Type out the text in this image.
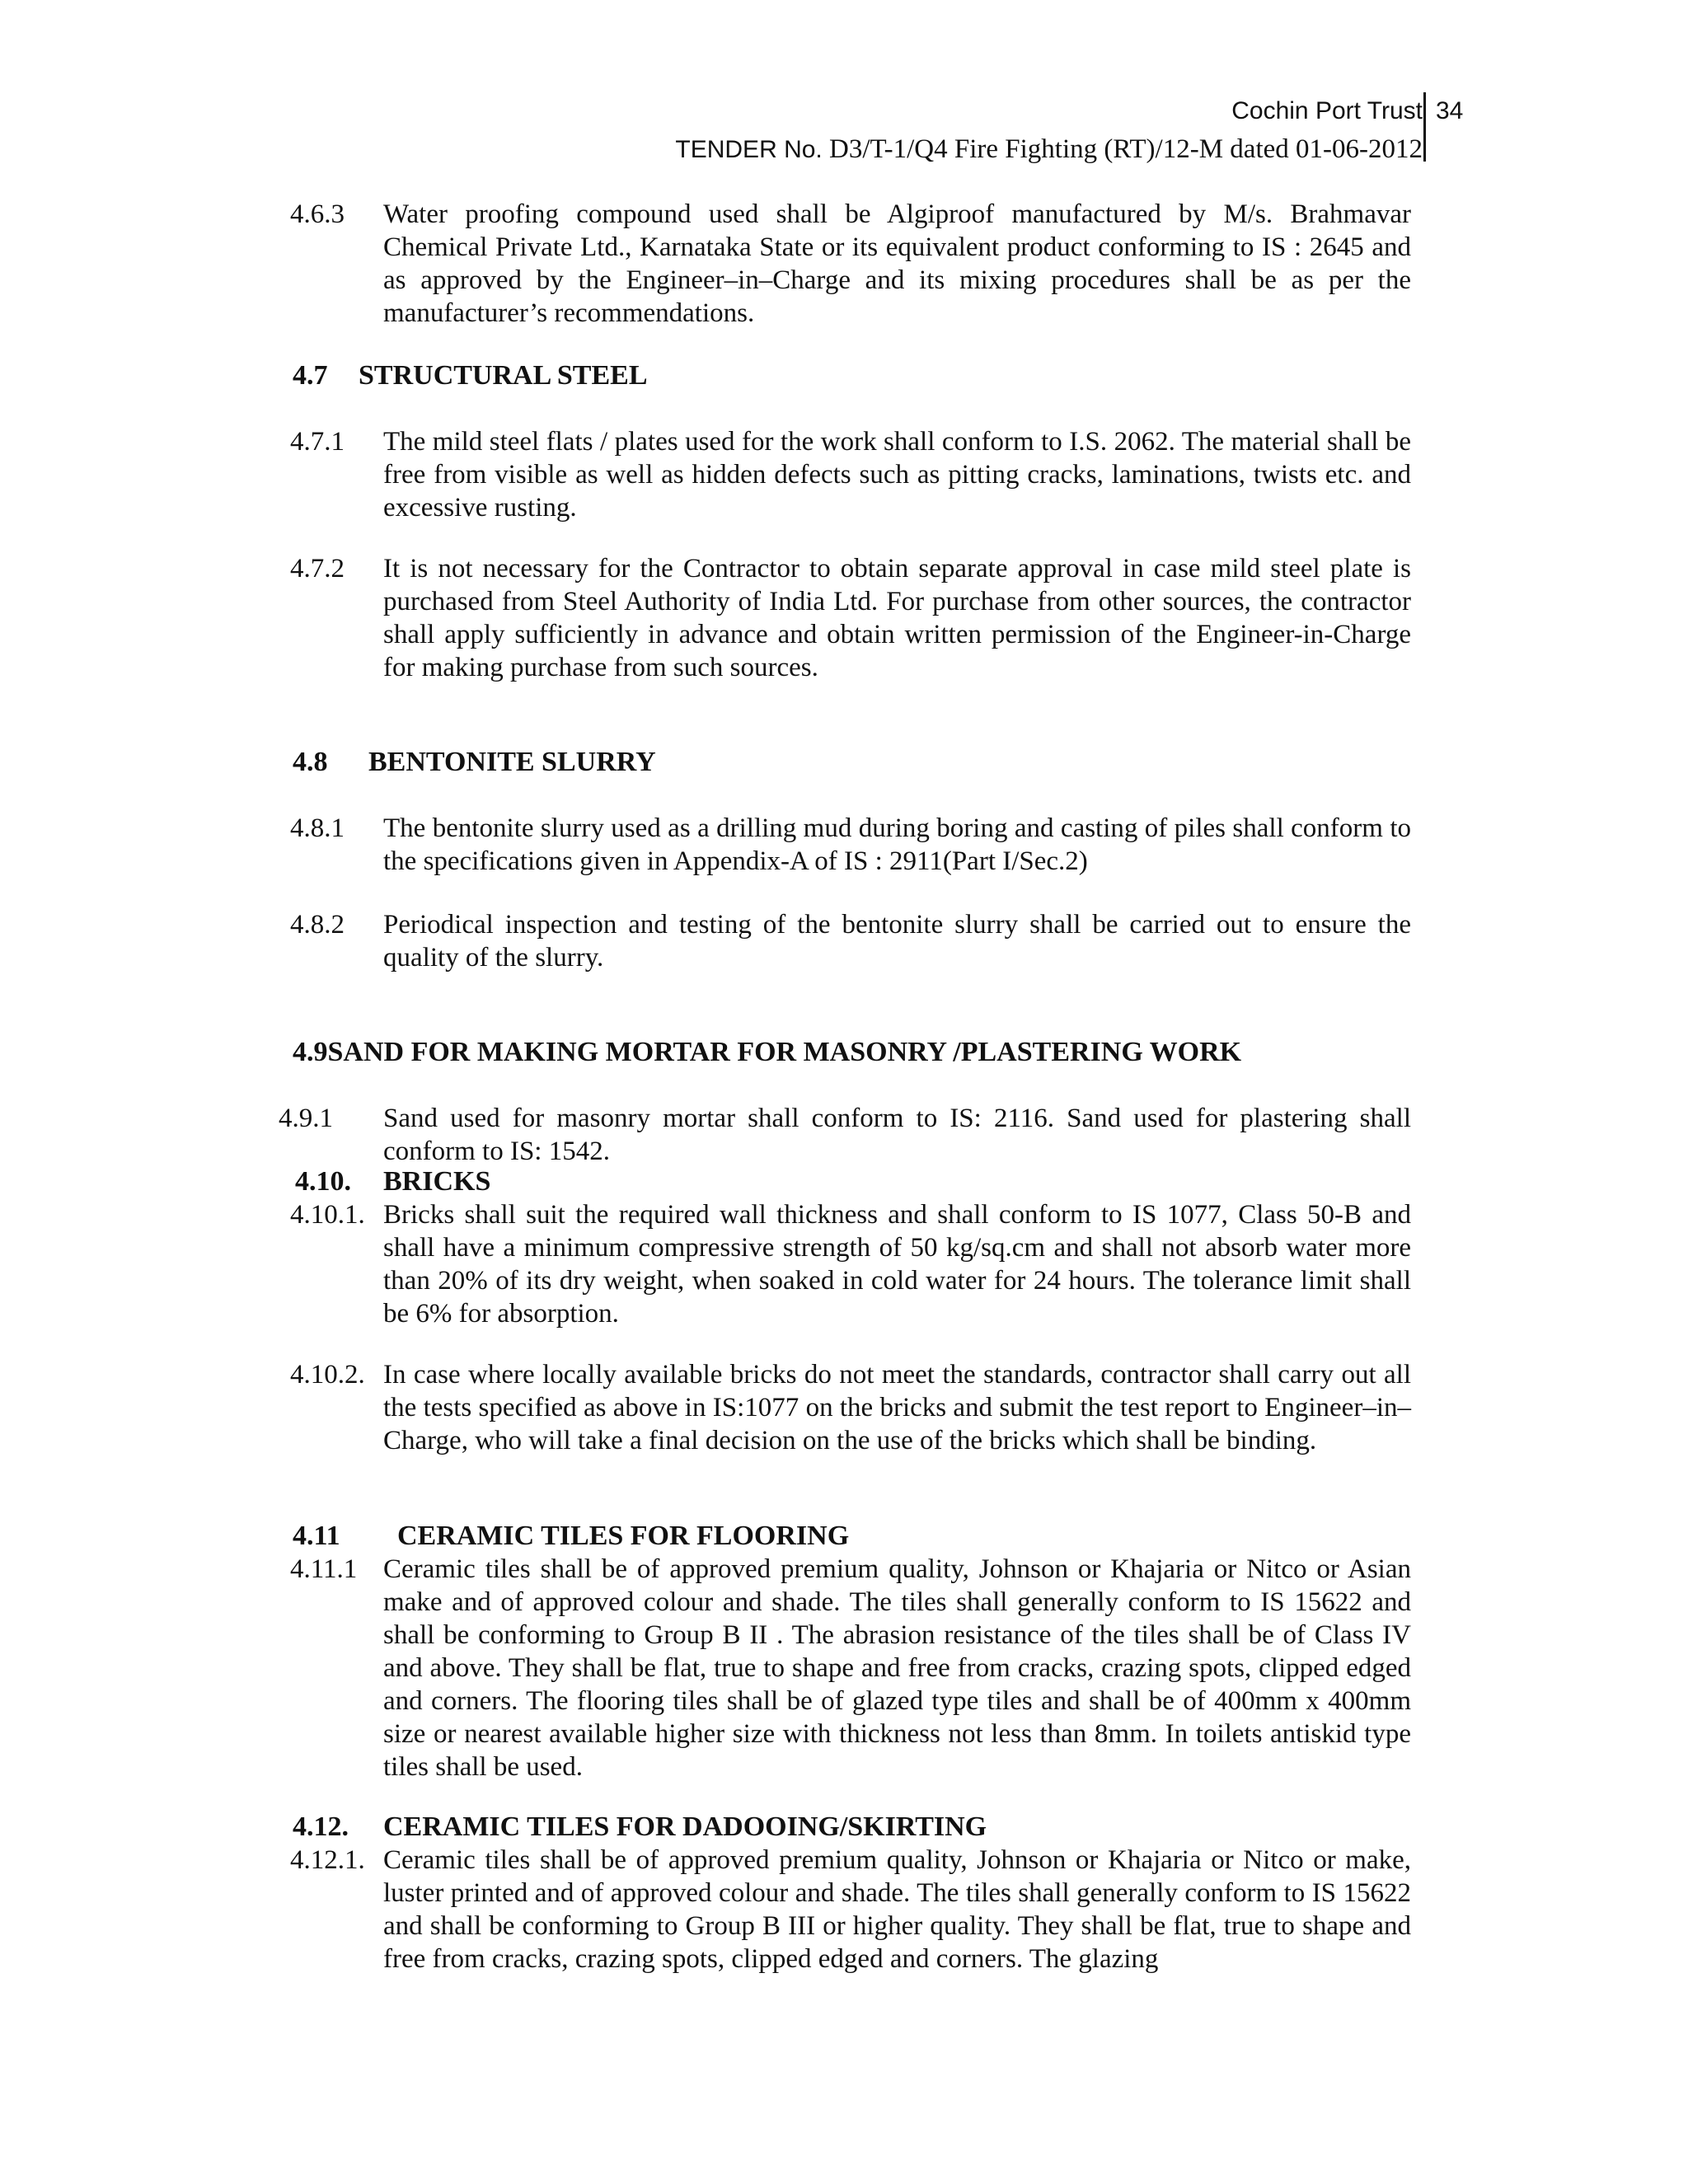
Cochin Port Trust
TENDER No. D3/T-1/Q4 Fire Fighting (RT)/12-M dated 01-06-2012
34
4.6.3 Water proofing compound used shall be Algiproof manufactured by M/s. Brahmavar Chemical Private Ltd., Karnataka State or its equivalent product conforming to IS : 2645 and as approved by the Engineer–in–Charge and its mixing procedures shall be as per the manufacturer’s recommendations.
4.7 STRUCTURAL STEEL
4.7.1 The mild steel flats / plates used for the work shall conform to I.S. 2062. The material shall be free from visible as well as hidden defects such as pitting cracks, laminations, twists etc. and excessive rusting.
4.7.2 It is not necessary for the Contractor to obtain separate approval in case mild steel plate is purchased from Steel Authority of India Ltd. For purchase from other sources, the contractor shall apply sufficiently in advance and obtain written permission of the Engineer-in-Charge for making purchase from such sources.
4.8 BENTONITE SLURRY
4.8.1 The bentonite slurry used as a drilling mud during boring and casting of piles shall conform to the specifications given in Appendix-A of IS : 2911(Part I/Sec.2)
4.8.2 Periodical inspection and testing of the bentonite slurry shall be carried out to ensure the quality of the slurry.
4.9SAND FOR MAKING MORTAR FOR MASONRY /PLASTERING WORK
4.9.1 Sand used for masonry mortar shall conform to IS: 2116. Sand used for plastering shall conform to IS: 1542.
4.10. BRICKS
4.10.1. Bricks shall suit the required wall thickness and shall conform to IS 1077, Class 50-B and shall have a minimum compressive strength of 50 kg/sq.cm and shall not absorb water more than 20% of its dry weight, when soaked in cold water for 24 hours. The tolerance limit shall be 6% for absorption.
4.10.2. In case where locally available bricks do not meet the standards, contractor shall carry out all the tests specified as above in IS:1077 on the bricks and submit the test report to Engineer–in–Charge, who will take a final decision on the use of the bricks which shall be binding.
4.11 CERAMIC TILES FOR FLOORING
4.11.1 Ceramic tiles shall be of approved premium quality, Johnson or Khajaria or Nitco or Asian make and of approved colour and shade. The tiles shall generally conform to IS 15622 and shall be conforming to Group B II . The abrasion resistance of the tiles shall be of Class IV and above. They shall be flat, true to shape and free from cracks, crazing spots, clipped edged and corners. The flooring tiles shall be of glazed type tiles and shall be of 400mm x 400mm size or nearest available higher size with thickness not less than 8mm. In toilets antiskid type tiles shall be used.
4.12. CERAMIC TILES FOR DADOOING/SKIRTING
4.12.1. Ceramic tiles shall be of approved premium quality, Johnson or Khajaria or Nitco or make, luster printed and of approved colour and shade. The tiles shall generally conform to IS 15622 and shall be conforming to Group B III or higher quality. They shall be flat, true to shape and free from cracks, crazing spots, clipped edged and corners. The glazing
